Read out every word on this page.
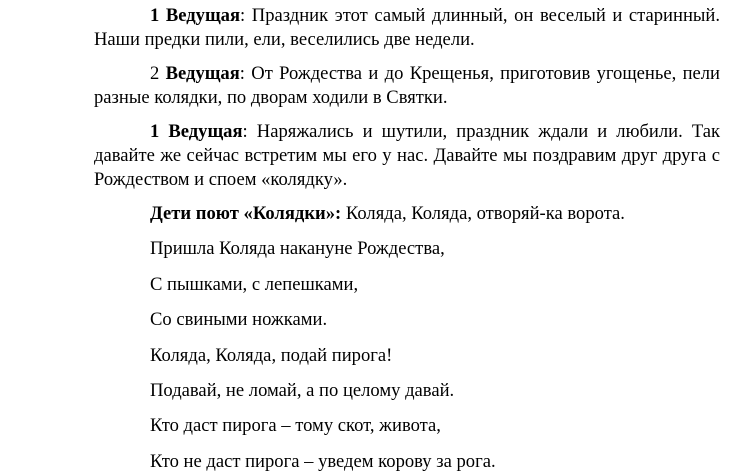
1 Ведущая: Праздник этот самый длинный, он веселый и старинный. Наши предки пили, ели, веселились две недели.

2 Ведущая: От Рождества и до Крещенья, приготовив угощенье, пели разные колядки, по дворам ходили в Святки.

1 Ведущая: Наряжались и шутили, праздник ждали и любили. Так давайте же сейчас встретим мы его у нас. Давайте мы поздравим друг друга с Рождеством и споем «колядку».

Дети поют «Колядки»: Коляда, Коляда, отворяй-ка ворота.

Пришла Коляда накануне Рождества,

С пышками, с лепешками,

Со свиными ножками.

Коляда, Коляда, подай пирога!

Подавай, не ломай, а по целому давай.

Кто даст пирога – тому скот, живота,

Кто не даст пирога – уведем корову за рога.
